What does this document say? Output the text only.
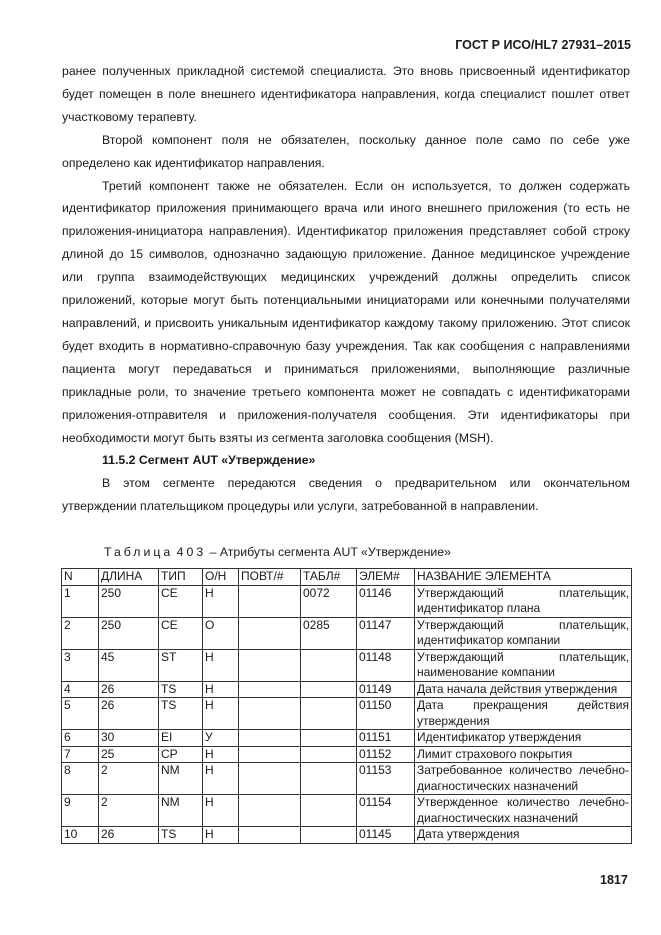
ГОСТ Р ИСО/HL7 27931–2015

ранее полученных прикладной системой специалиста. Это вновь присвоенный идентификатор будет помещен в поле внешнего идентификатора направления, когда специалист пошлет ответ участковому терапевту.

Второй компонент поля не обязателен, поскольку данное поле само по себе уже определено как идентификатор направления.

Третий компонент также не обязателен. Если он используется, то должен содержать идентификатор приложения принимающего врача или иного внешнего приложения (то есть не приложения-инициатора направления). Идентификатор приложения представляет собой строку длиной до 15 символов, однозначно задающую приложение. Данное медицинское учреждение или группа взаимодействующих медицинских учреждений должны определить список приложений, которые могут быть потенциальными инициаторами или конечными получателями направлений, и присвоить уникальным идентификатор каждому такому приложению. Этот список будет входить в нормативно-справочную базу учреждения. Так как сообщения с направлениями пациента могут передаваться и приниматься приложениями, выполняющие различные прикладные роли, то значение третьего компонента может не совпадать с идентификаторами приложения-отправителя и приложения-получателя сообщения. Эти идентификаторы при необходимости могут быть взяты из сегмента заголовка сообщения (MSH).

11.5.2 Сегмент AUT «Утверждение»

В этом сегменте передаются сведения о предварительном или окончательном утверждении плательщиком процедуры или услуги, затребованной в направлении.

Таблица 403 – Атрибуты сегмента AUT «Утверждение»
N	ДЛИНА	ТИП	О/Н	ПОВТ/#	ТАБЛ#	ЭЛЕМ#	НАЗВАНИЕ ЭЛЕМЕНТА
1	250	CE	Н		0072	01146	Утверждающий плательщик, идентификатор плана
2	250	CE	О		0285	01147	Утверждающий плательщик, идентификатор компании
3	45	ST	Н			01148	Утверждающий плательщик, наименование компании
4	26	TS	Н			01149	Дата начала действия утверждения
5	26	TS	Н			01150	Дата прекращения действия утверждения
6	30	EI	У			01151	Идентификатор утверждения
7	25	CP	Н			01152	Лимит страхового покрытия
8	2	NM	Н			01153	Затребованное количество лечебно-диагностических назначений
9	2	NM	Н			01154	Утвержденное количество лечебно-диагностических назначений
10	26	TS	Н			01145	Дата утверждения
1817
